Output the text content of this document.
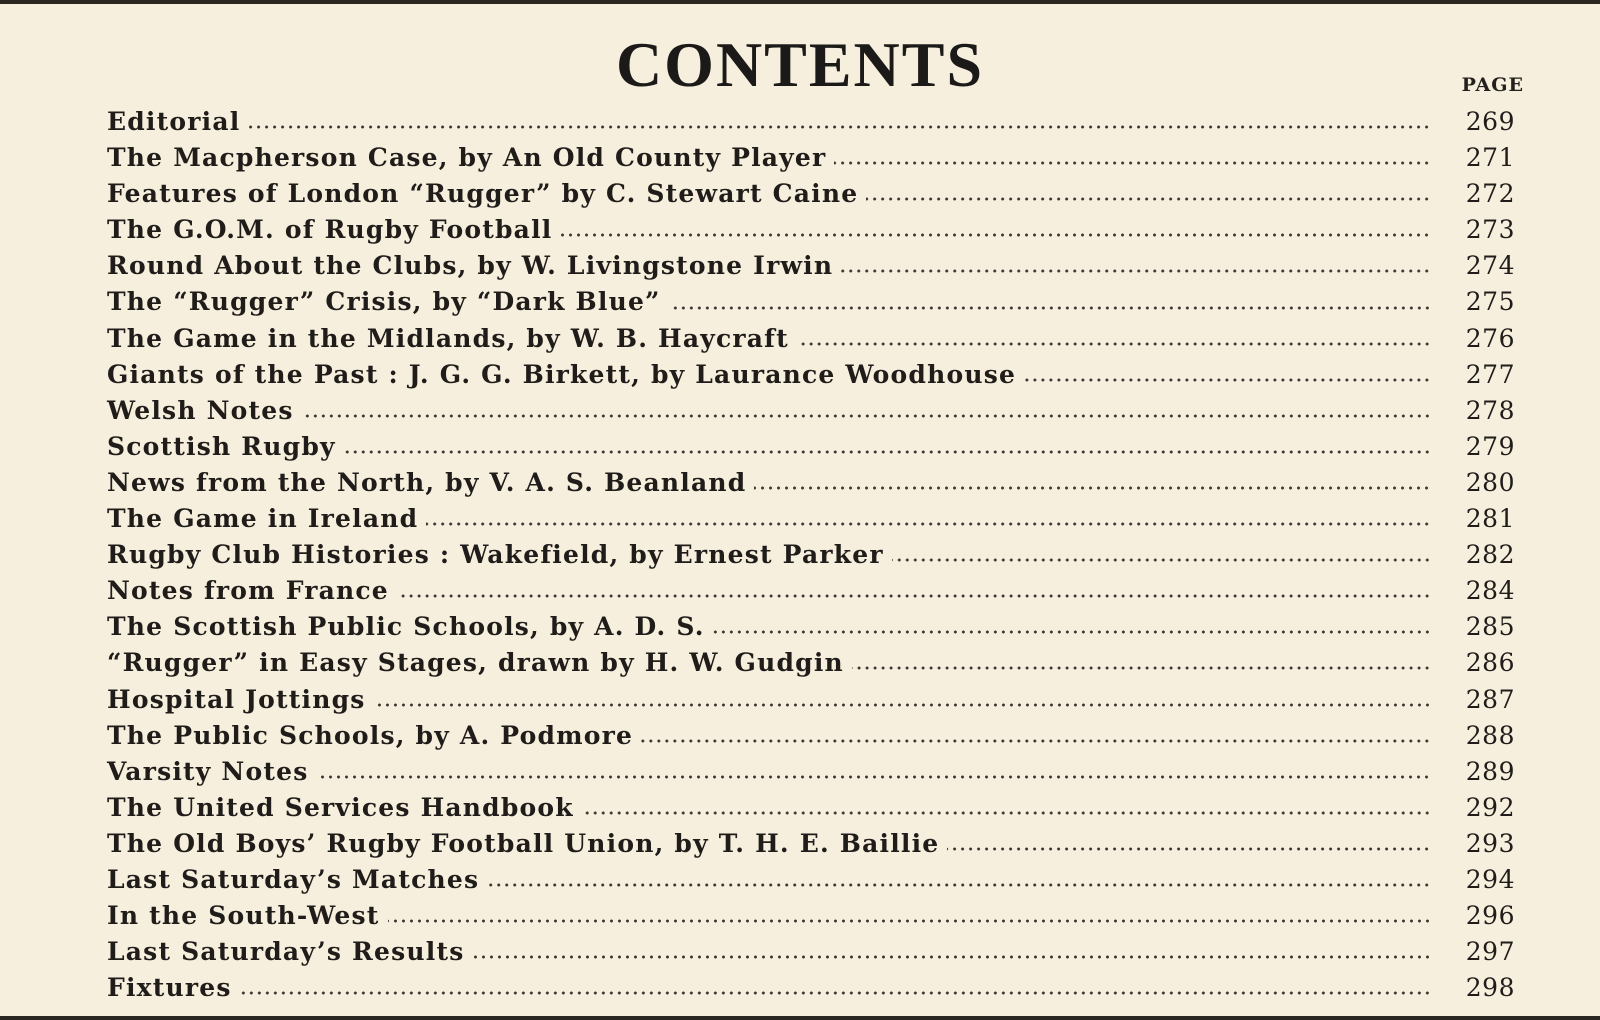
CONTENTS	PAGE
Editorial	269
The Macpherson Case, by An Old County Player	271
Features of London “Rugger” by C. Stewart Caine	272
The G.O.M. of Rugby Football	273
Round About the Clubs, by W. Livingstone Irwin	274
The “Rugger” Crisis, by “Dark Blue”	275
The Game in the Midlands, by W. B. Haycraft	276
Giants of the Past : J. G. G. Birkett, by Laurance Woodhouse	277
Welsh Notes	278
Scottish Rugby	279
News from the North, by V. A. S. Beanland	280
The Game in Ireland	281
Rugby Club Histories : Wakefield, by Ernest Parker	282
Notes from France	284
The Scottish Public Schools, by A. D. S.	285
“Rugger” in Easy Stages, drawn by H. W. Gudgin	286
Hospital Jottings	287
The Public Schools, by A. Podmore	288
Varsity Notes	289
The United Services Handbook	292
The Old Boys’ Rugby Football Union, by T. H. E. Baillie	293
Last Saturday’s Matches	294
In the South-West	296
Last Saturday’s Results	297
Fixtures	298
